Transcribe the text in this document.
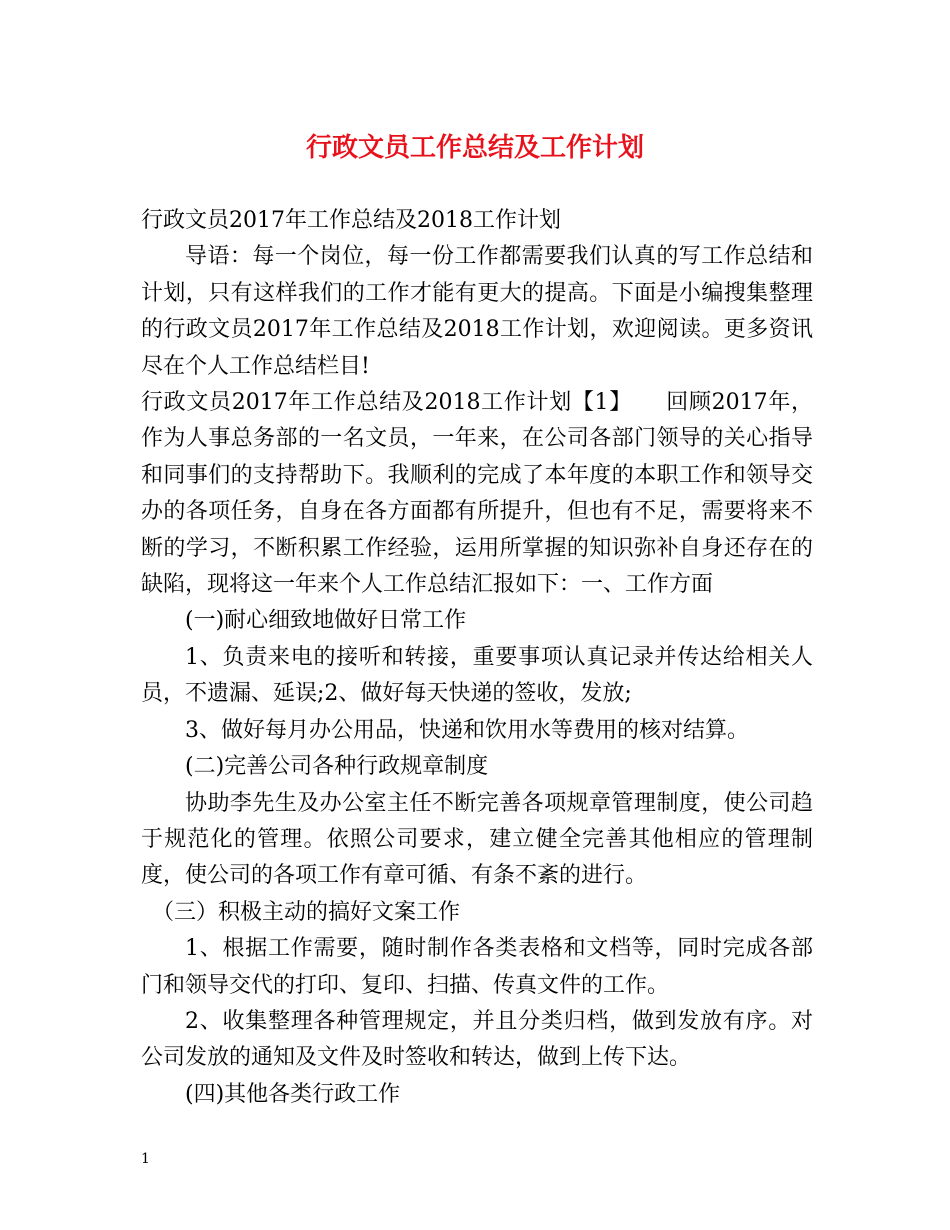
行政文员工作总结及工作计划

行政文员2017年工作总结及2018工作计划

导语：每一个岗位，每一份工作都需要我们认真的写工作总结和计划，只有这样我们的工作才能有更大的提高。下面是小编搜集整理的行政文员2017年工作总结及2018工作计划，欢迎阅读。更多资讯尽在个人工作总结栏目!

行政文员2017年工作总结及2018工作计划【1】　　回顾2017年，作为人事总务部的一名文员，一年来，在公司各部门领导的关心指导和同事们的支持帮助下。我顺利的完成了本年度的本职工作和领导交办的各项任务，自身在各方面都有所提升，但也有不足，需要将来不断的学习，不断积累工作经验，运用所掌握的知识弥补自身还存在的缺陷，现将这一年来个人工作总结汇报如下：一、工作方面

(一)耐心细致地做好日常工作

1、负责来电的接听和转接，重要事项认真记录并传达给相关人员，不遗漏、延误;2、做好每天快递的签收，发放;

3、做好每月办公用品，快递和饮用水等费用的核对结算。

(二)完善公司各种行政规章制度

协助李先生及办公室主任不断完善各项规章管理制度，使公司趋于规范化的管理。依照公司要求，建立健全完善其他相应的管理制度，使公司的各项工作有章可循、有条不紊的进行。

（三）积极主动的搞好文案工作

1、根据工作需要，随时制作各类表格和文档等，同时完成各部门和领导交代的打印、复印、扫描、传真文件的工作。

2、收集整理各种管理规定，并且分类归档，做到发放有序。对公司发放的通知及文件及时签收和转达，做到上传下达。

(四)其他各类行政工作

1
